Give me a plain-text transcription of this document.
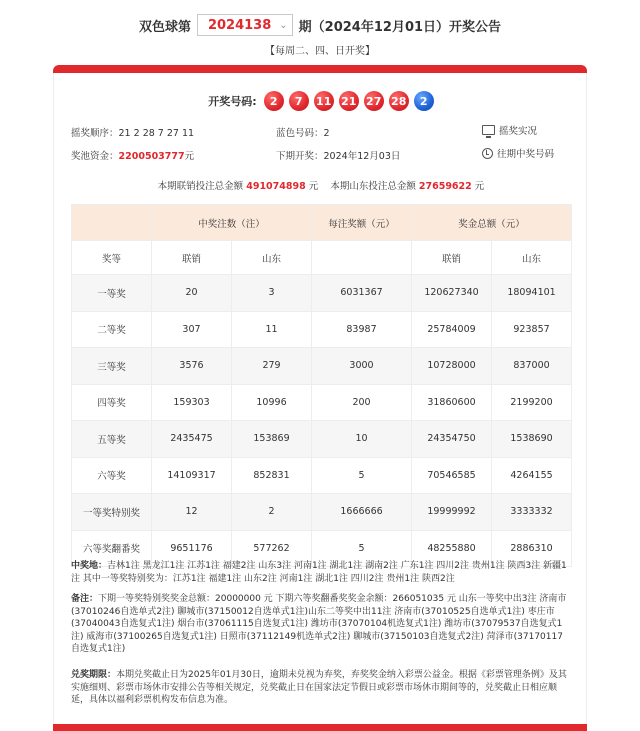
双色球第 2024138 ⌄ 期（2024年12月01日）开奖公告
【每周二、四、日开奖】
开奖号码:	2	7	11 21 27 28	2
摇奖顺序：21 2 28 7 27 11	蓝色号码：2	摇奖实况
奖池资金：2200503777元	下期开奖：2024年12月03日	往期中奖号码
本期联销投注总金额 491074898 元    本期山东投注总金额 27659622 元
	中奖注数（注）		每注奖额（元）	奖金总额（元）	
奖等	联销	山东		联销	山东
一等奖	20	3	6031367	120627340	18094101
二等奖	307	11	83987	25784009	923857
三等奖	3576	279	3000	10728000	837000
四等奖	159303	10996	200	31860600	2199200
五等奖	2435475	153869	10	24354750	1538690
六等奖	14109317	852831	5	70546585	4264155
一等奖特别奖	12	2	1666666	19999992	3333332
六等奖翻番奖	9651176	577262	5	48255880	2886310
中奖地：吉林1注 黑龙江1注 江苏1注 福建2注 山东3注 河南1注 湖北1注 湖南2注 广东1注 四川2注 贵州1注 陕西3注 新疆1注 其中一等奖特别奖为：江苏1注 福建1注 山东2注 河南1注 湖北1注 四川2注 贵州1注 陕西2注
备注：下期一等奖特别奖奖金总额：20000000 元 下期六等奖翻番奖奖金余额：266051035 元 山东一等奖中出3注 济南市(37010246自选单式2注) 聊城市(37150012自选单式1注)山东二等奖中出11注 济南市(37010525自选单式1注) 枣庄市(37040043自选复式1注) 烟台市(37061115自选复式1注) 潍坊市(37070104机选复式1注) 潍坊市(37079537自选复式1注) 威海市(37100265自选复式1注) 日照市(37112149机选单式2注) 聊城市(37150103自选复式2注) 菏泽市(37170117自选复式1注)
兑奖期限：本期兑奖截止日为2025年01月30日，逾期未兑视为弃奖，弃奖奖金纳入彩票公益金。根据《彩票管理条例》及其实施细则、彩票市场休市安排公告等相关规定，兑奖截止日在国家法定节假日或彩票市场休市期间等的，兑奖截止日相应顺延，具体以福利彩票机构发布信息为准。
